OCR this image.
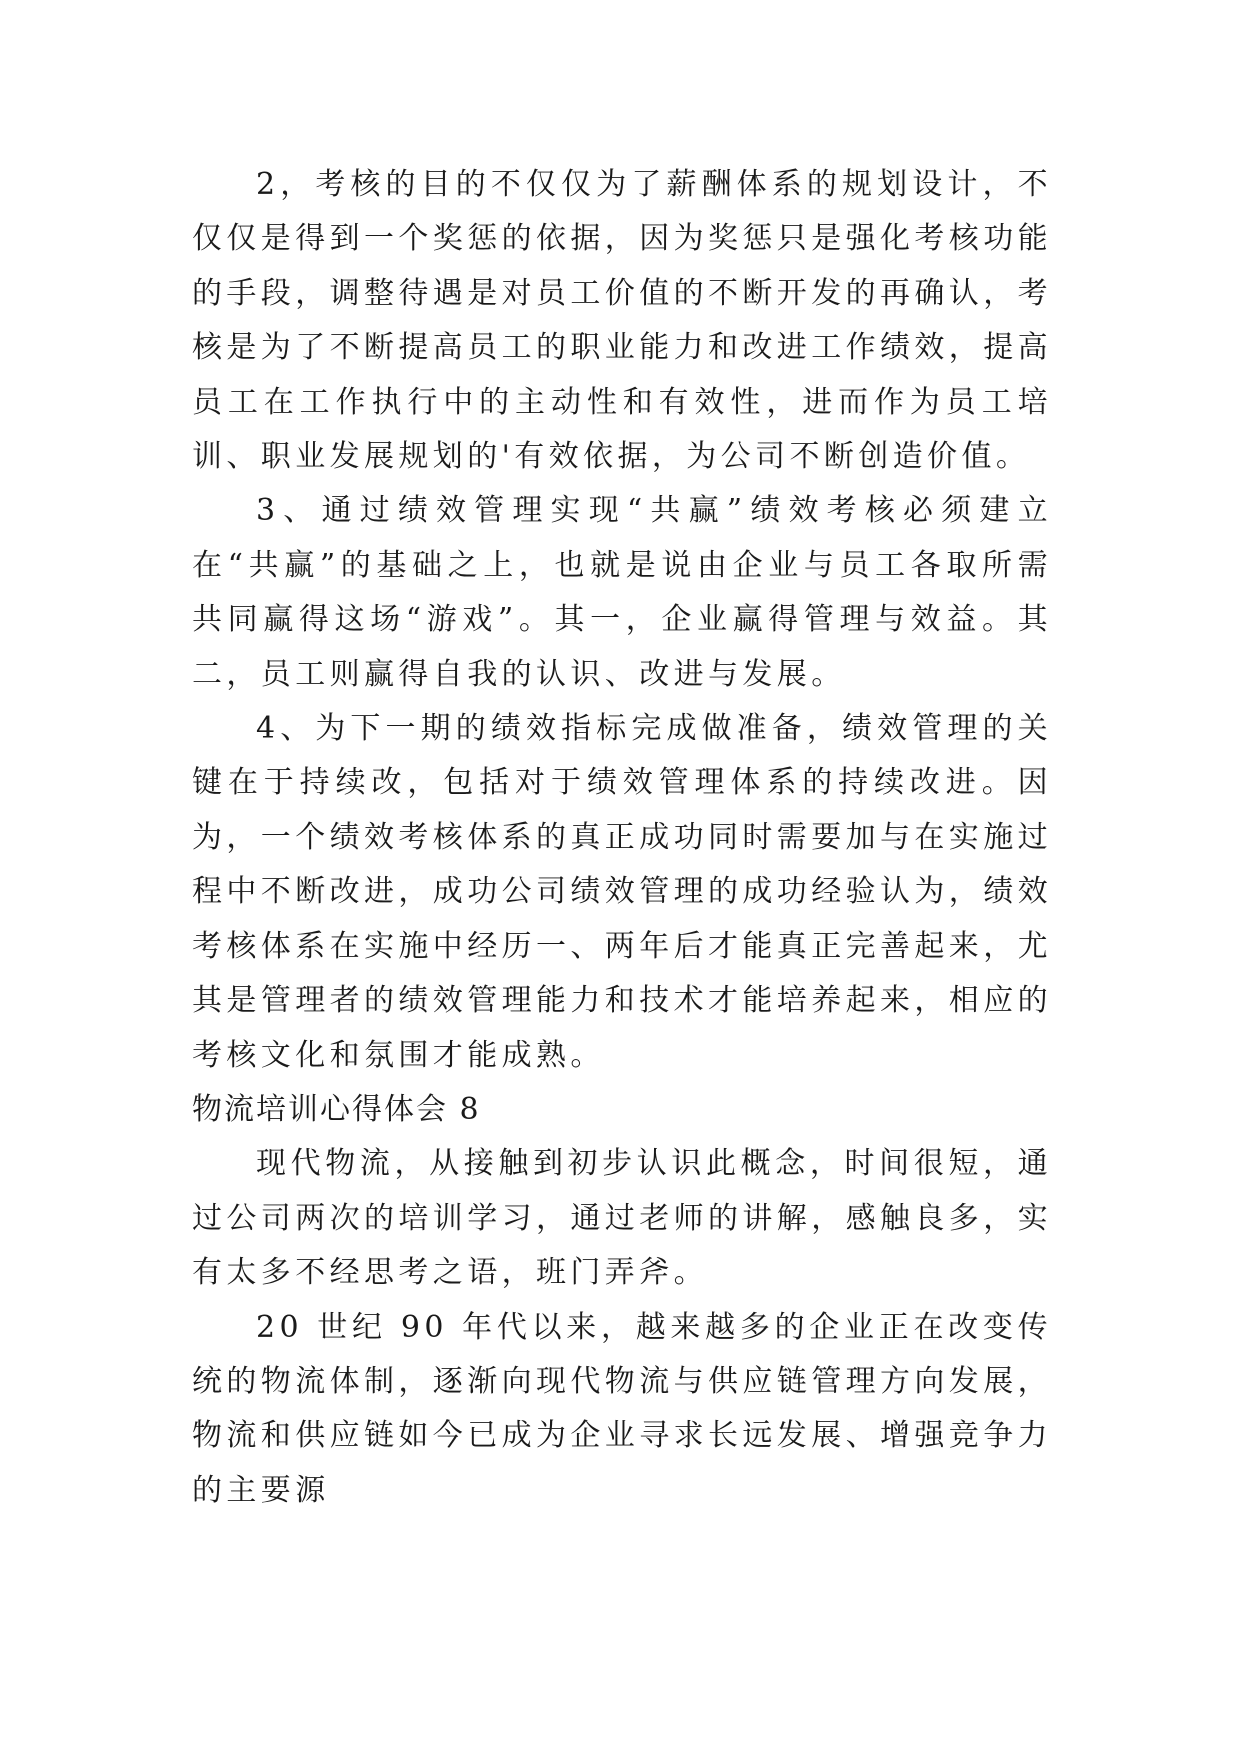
2，考核的目的不仅仅为了薪酬体系的规划设计，不仅仅是得到一个奖惩的依据，因为奖惩只是强化考核功能的手段，调整待遇是对员工价值的不断开发的再确认，考核是为了不断提高员工的职业能力和改进工作绩效，提高员工在工作执行中的主动性和有效性，进而作为员工培训、职业发展规划的'有效依据，为公司不断创造价值。

3、通过绩效管理实现“共赢”绩效考核必须建立在“共赢”的基础之上，也就是说由企业与员工各取所需共同赢得这场“游戏”。其一，企业赢得管理与效益。其二，员工则赢得自我的认识、改进与发展。

4、为下一期的绩效指标完成做准备，绩效管理的关键在于持续改，包括对于绩效管理体系的持续改进。因为，一个绩效考核体系的真正成功同时需要加与在实施过程中不断改进，成功公司绩效管理的成功经验认为，绩效考核体系在实施中经历一、两年后才能真正完善起来，尤其是管理者的绩效管理能力和技术才能培养起来，相应的考核文化和氛围才能成熟。

物流培训心得体会 8

现代物流，从接触到初步认识此概念，时间很短，通过公司两次的培训学习，通过老师的讲解，感触良多，实有太多不经思考之语，班门弄斧。

20 世纪 90 年代以来，越来越多的企业正在改变传统的物流体制，逐渐向现代物流与供应链管理方向发展，物流和供应链如今已成为企业寻求长远发展、增强竞争力的主要源
